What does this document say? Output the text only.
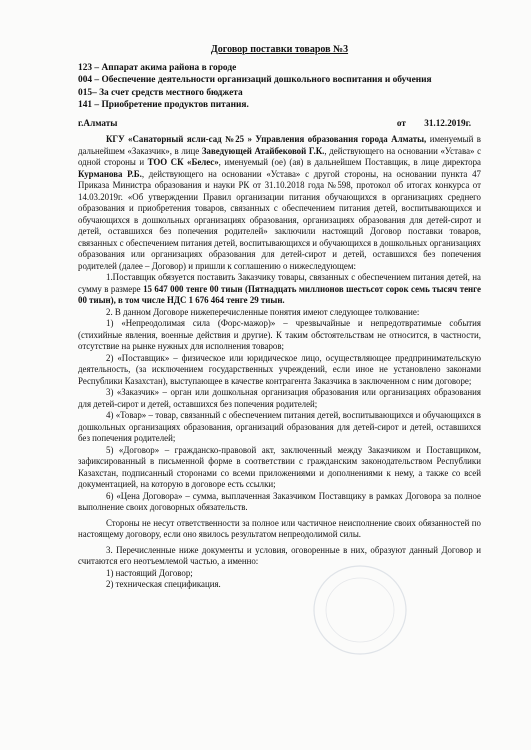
Договор поставки товаров №3
123 – Аппарат акима района в городе
004 – Обеспечение деятельности организаций дошкольного воспитания и обучения
015– За счет средств местного бюджета
141 – Приобретение продуктов питания.
г.Алматы	от 31.12.2019г.

КГУ «Санаторный ясли-сад №25 » Управления образования города Алматы, именуемый в дальнейшем «Заказчик», в лице Заведующей Атайбековой Г.К., действующего на основании «Устава» с одной стороны и ТОО СК «Белес», именуемый (ое) (ая) в дальнейшем Поставщик, в лице директора Курманова Р.Б., действующего на основании «Устава» с другой стороны, на основании пункта 47 Приказа Министра образования и науки РК от 31.10.2018 года №598, протокол об итогах конкурса от 14.03.2019г. «Об утверждении Правил организации питания обучающихся в организациях среднего образования и приобретения товаров, связанных с обеспечением питания детей, воспитывающихся и обучающихся в дошкольных организациях образования, организациях образования для детей-сирот и детей, оставшихся без попечения родителей» заключили настоящий Договор поставки товаров, связанных с обеспечением питания детей, воспитывающихся и обучающихся в дошкольных организациях образования или организациях образования для детей-сирот и детей, оставшихся без попечения родителей (далее – Договор) и пришли к соглашению о нижеследующем:

1.Поставщик обязуется поставить Заказчику товары, связанных с обеспечением питания детей, на сумму в размере 15 647 000 тенге 00 тиын (Пятнадцать миллионов шестьсот сорок семь тысяч тенге 00 тиын), в том числе НДС 1 676 464 тенге 29 тиын.

2. В данном Договоре нижеперечисленные понятия имеют следующее толкование:

1) «Непреодолимая сила (Форс-мажор)» – чрезвычайные и непредотвратимые события (стихийные явления, военные действия и другие). К таким обстоятельствам не относится, в частности, отсутствие на рынке нужных для исполнения товаров;

2) «Поставщик» – физическое или юридическое лицо, осуществляющее предпринимательскую деятельность, (за исключением государственных учреждений, если иное не установлено законами Республики Казахстан), выступающее в качестве контрагента Заказчика в заключенном с ним договоре;

3) «Заказчик» – орган или дошкольная организация образования или организациях образования для детей-сирот и детей, оставшихся без попечения родителей;

4) «Товар» – товар, связанный с обеспечением питания детей, воспитывающихся и обучающихся в дошкольных организациях образования, организаций образования для детей-сирот и детей, оставшихся без попечения родителей;

5) «Договор» – гражданско-правовой акт, заключенный между Заказчиком и Поставщиком, зафиксированный в письменной форме в соответствии с гражданским законодательством Республики Казахстан, подписанный сторонами со всеми приложениями и дополнениями к нему, а также со всей документацией, на которую в договоре есть ссылки;

6) «Цена Договора» – сумма, выплаченная Заказчиком Поставщику в рамках Договора за полное выполнение своих договорных обязательств.

Стороны не несут ответственности за полное или частичное неисполнение своих обязанностей по настоящему договору, если оно явилось результатом непреодолимой силы.

3. Перечисленные ниже документы и условия, оговоренные в них, образуют данный Договор и считаются его неотъемлемой частью, а именно:

1) настоящий Договор;

2) техническая спецификация.
